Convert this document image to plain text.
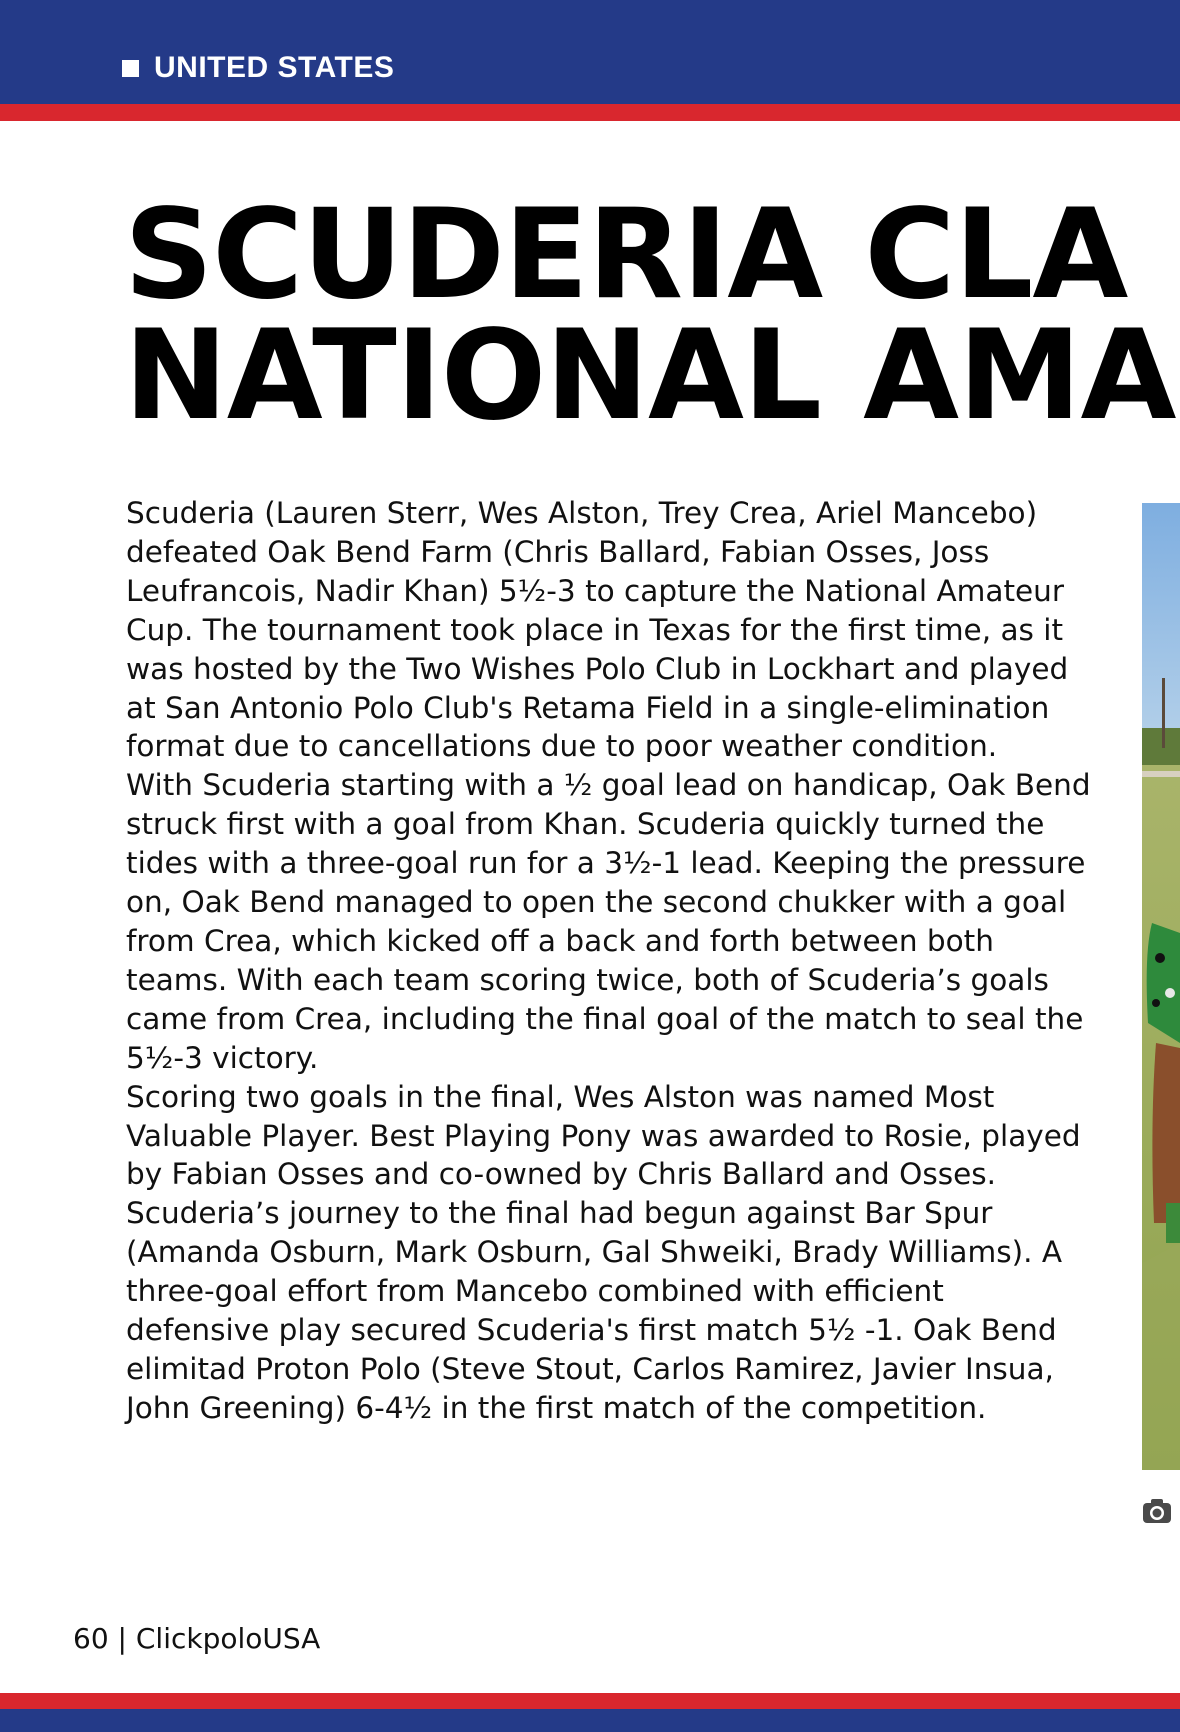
UNITED STATES
SCUDERIA CLA
NATIONAL AMA

Scuderia (Lauren Sterr, Wes Alston, Trey Crea, Ariel Mancebo) defeated Oak Bend Farm (Chris Ballard, Fabian Osses, Joss Leufrancois, Nadir Khan) 5½-3 to capture the National Amateur Cup. The tournament took place in Texas for the first time, as it was hosted by the Two Wishes Polo Club in Lockhart and played at San Antonio Polo Club's Retama Field in a single-elimination format due to cancellations due to poor weather condition.

With Scuderia starting with a ½ goal lead on handicap, Oak Bend struck first with a goal from Khan. Scuderia quickly turned the tides with a three-goal run for a 3½-1 lead. Keeping the pressure on, Oak Bend managed to open the second chukker with a goal from Crea, which kicked off a back and forth between both teams. With each team scoring twice, both of Scuderia’s goals came from Crea, including the final goal of the match to seal the 5½-3 victory.

Scoring two goals in the final, Wes Alston was named Most Valuable Player. Best Playing Pony was awarded to Rosie, played by Fabian Osses and co-owned by Chris Ballard and Osses.

Scuderia’s journey to the final had begun against Bar Spur (Amanda Osburn, Mark Osburn, Gal Shweiki, Brady Williams). A three-goal effort from Mancebo combined with efficient defensive play secured Scuderia's first match 5½ -1. Oak Bend elimitad Proton Polo (Steve Stout, Carlos Ramirez, Javier Insua, John Greening) 6-4½ in the first match of the competition.

60 | ClickpoloUSA
